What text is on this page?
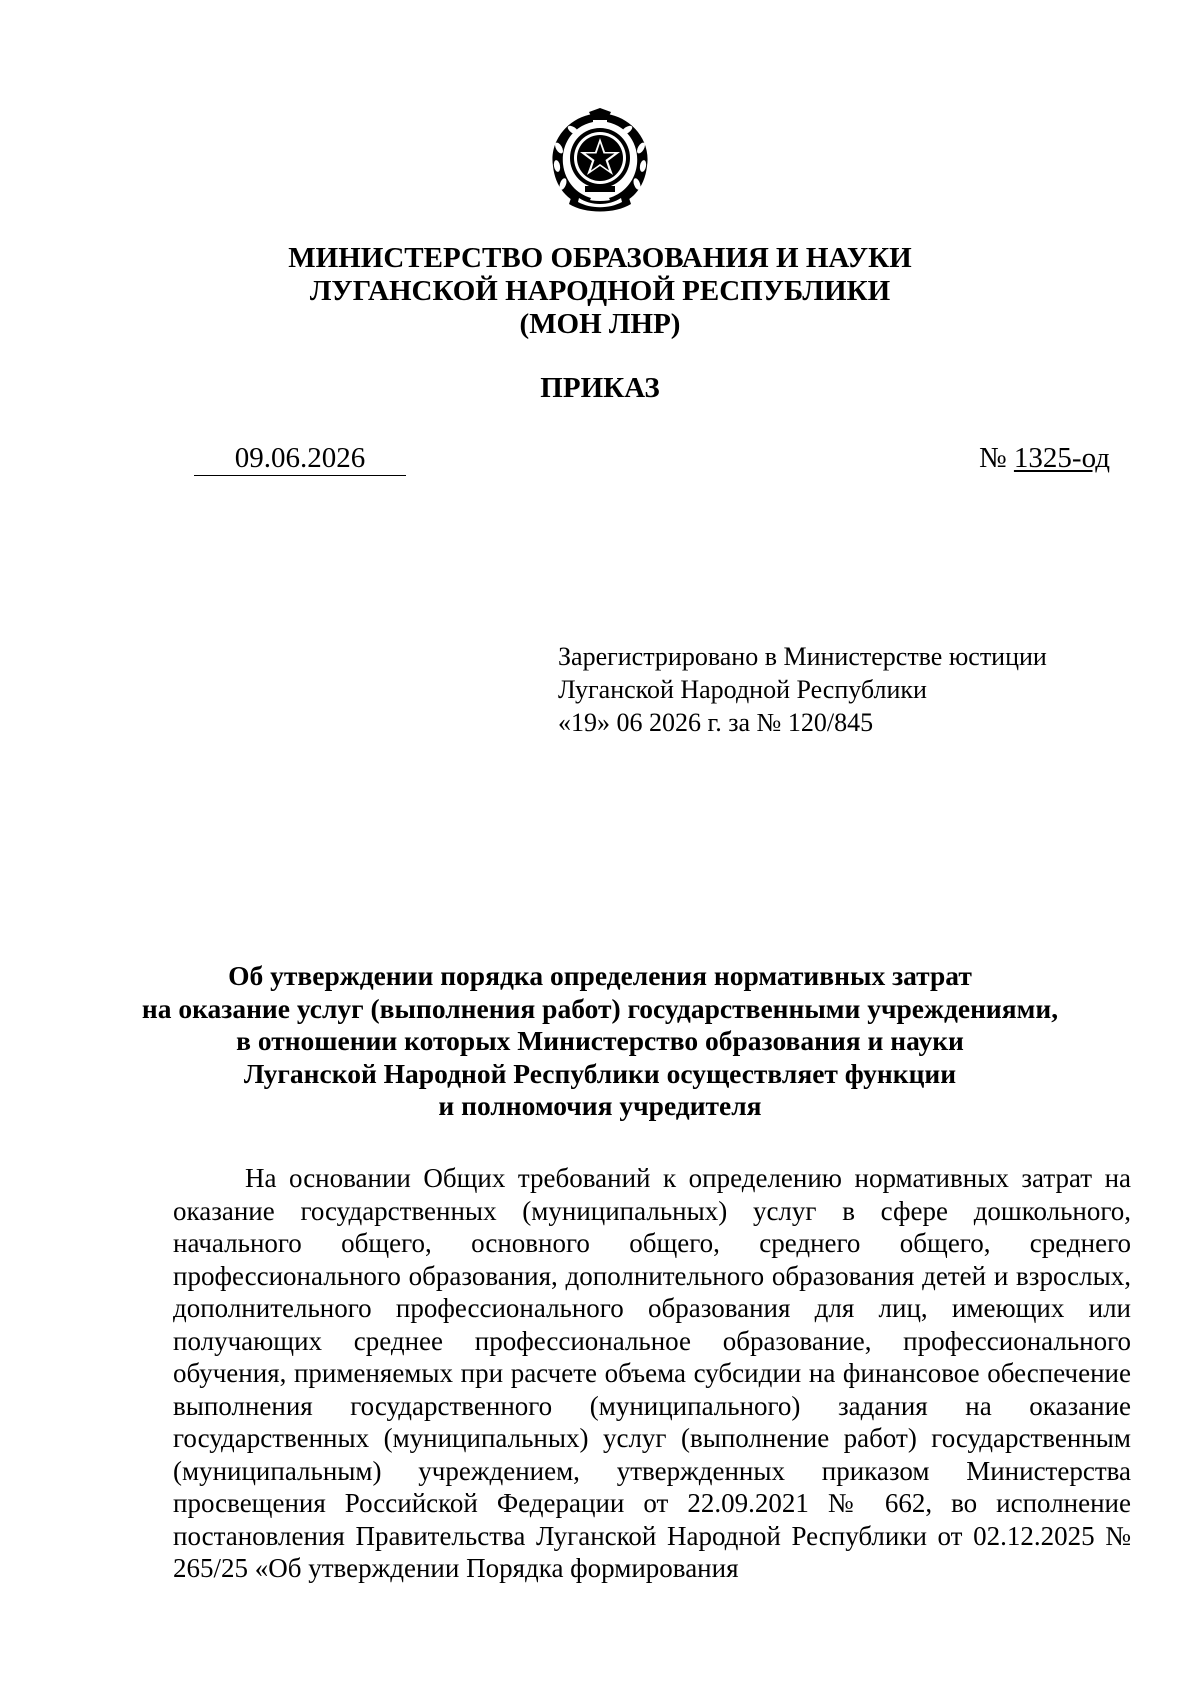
МИНИСТЕРСТВО ОБРАЗОВАНИЯ И НАУКИ
ЛУГАНСКОЙ НАРОДНОЙ РЕСПУБЛИКИ
(МОН ЛНР)
ПРИКАЗ
09.06.2026	№ 1325-од
Зарегистрировано в Министерстве юстиции
Луганской Народной Республики
«19» 06 2026 г. за № 120/845
Об утверждении порядка определения нормативных затрат
на оказание услуг (выполнения работ) государственными учреждениями,
в отношении которых Министерство образования и науки
Луганской Народной Республики осуществляет функции
и полномочия учредителя

На основании Общих требований к определению нормативных затрат на оказание государственных (муниципальных) услуг в сфере дошкольного, начального общего, основного общего, среднего общего, среднего профессионального образования, дополнительного образования детей и взрослых, дополнительного профессионального образования для лиц, имеющих или получающих среднее профессиональное образование, профессионального обучения, применяемых при расчете объема субсидии на финансовое обеспечение выполнения государственного (муниципального) задания на оказание государственных (муниципальных) услуг (выполнение работ) государственным (муниципальным) учреждением, утвержденных приказом Министерства просвещения Российской Федерации от 22.09.2021 № 662, во исполнение постановления Правительства Луганской Народной Республики от 02.12.2025 № 265/25 «Об утверждении Порядка формирования
